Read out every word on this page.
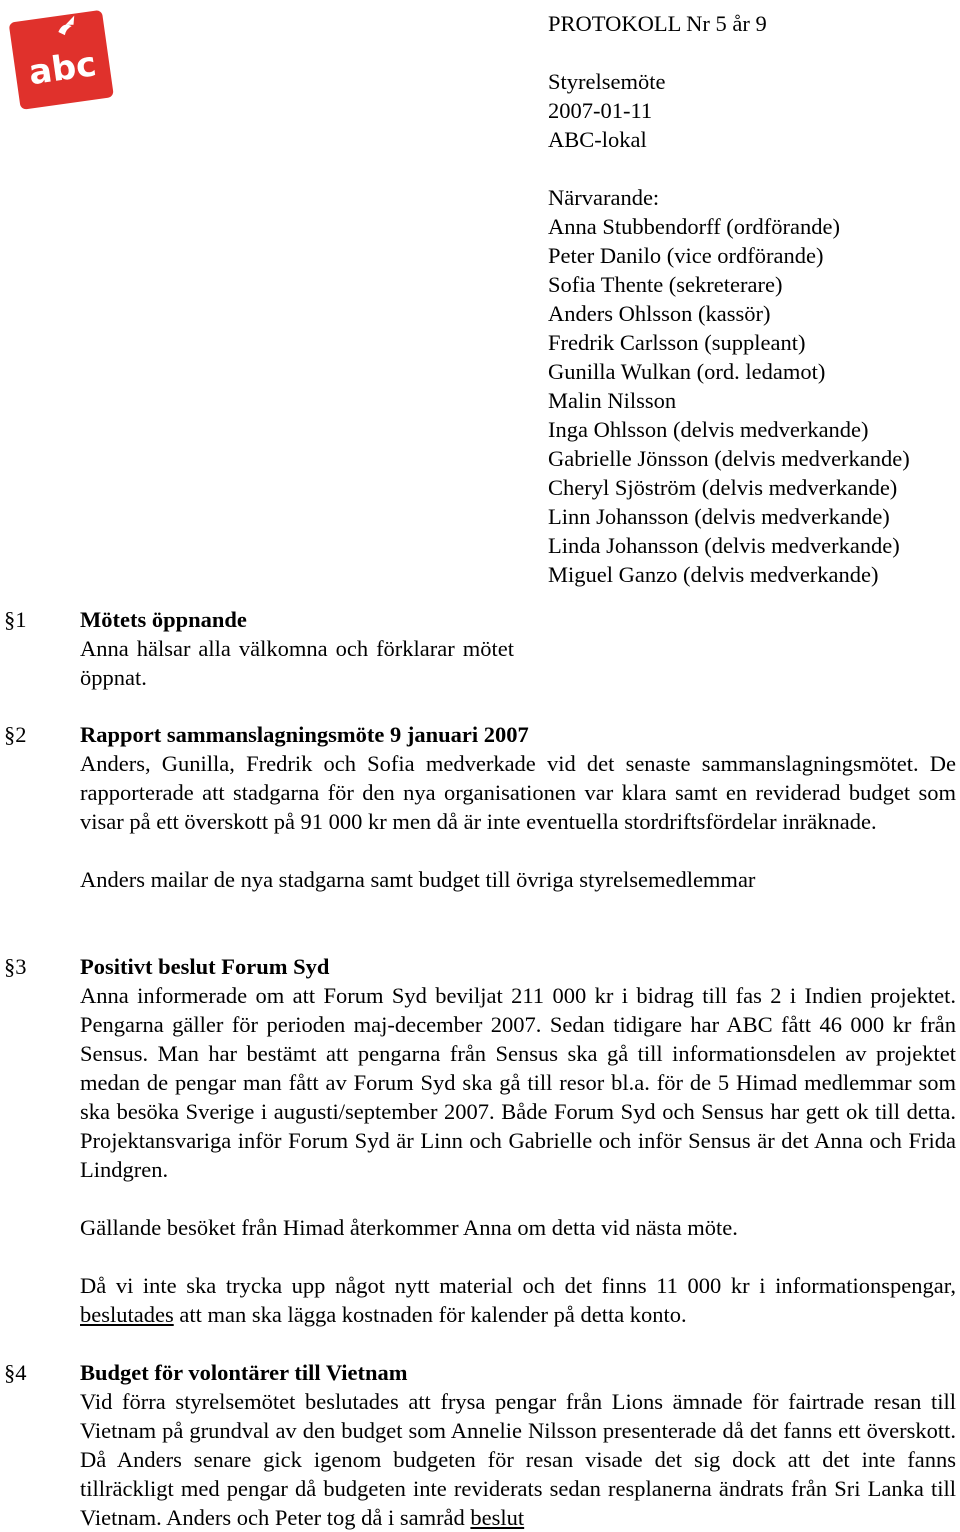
abc
PROTOKOLL Nr 5 år 9
Styrelsemöte
2007-01-11
ABC-lokal
Närvarande:
Anna Stubbendorff (ordförande)
Peter Danilo (vice ordförande)
Sofia Thente (sekreterare)
Anders Ohlsson (kassör)
Fredrik Carlsson (suppleant)
Gunilla Wulkan (ord. ledamot)
Malin Nilsson
Inga Ohlsson (delvis medverkande)
Gabrielle Jönsson (delvis medverkande)
Cheryl Sjöström (delvis medverkande)
Linn Johansson (delvis medverkande)
Linda Johansson (delvis medverkande)
Miguel Ganzo (delvis medverkande)
§1	Mötets öppnande
Anna hälsar alla välkomna och förklarar mötet öppnat.
§2	Rapport sammanslagningsmöte 9 januari 2007
Anders, Gunilla, Fredrik och Sofia medverkade vid det senaste sammanslagningsmötet. De rapporterade att stadgarna för den nya organisationen var klara samt en reviderad budget som visar på ett överskott på 91 000 kr men då är inte eventuella stordriftsfördelar inräknade.
Anders mailar de nya stadgarna samt budget till övriga styrelsemedlemmar
§3	Positivt beslut Forum Syd
Anna informerade om att Forum Syd beviljat 211 000 kr i bidrag till fas 2 i Indien projektet. Pengarna gäller för perioden maj-december 2007. Sedan tidigare har ABC fått 46 000 kr från Sensus. Man har bestämt att pengarna från Sensus ska gå till informationsdelen av projektet medan de pengar man fått av Forum Syd ska gå till resor bl.a. för de 5 Himad medlemmar som ska besöka Sverige i augusti/september 2007. Både Forum Syd och Sensus har gett ok till detta. Projektansvariga inför Forum Syd är Linn och Gabrielle och inför Sensus är det Anna och Frida Lindgren.
Gällande besöket från Himad återkommer Anna om detta vid nästa möte.
Då vi inte ska trycka upp något nytt material och det finns 11 000 kr i informationspengar, beslutades att man ska lägga kostnaden för kalender på detta konto.
§4	Budget för volontärer till Vietnam
Vid förra styrelsemötet beslutades att frysa pengar från Lions ämnade för fairtrade resan till Vietnam på grundval av den budget som Annelie Nilsson presenterade då det fanns ett överskott. Då Anders senare gick igenom budgeten för resan visade det sig dock att det inte fanns tillräckligt med pengar då budgeten inte reviderats sedan resplanerna ändrats från Sri Lanka till Vietnam. Anders och Peter tog då i samråd beslut
